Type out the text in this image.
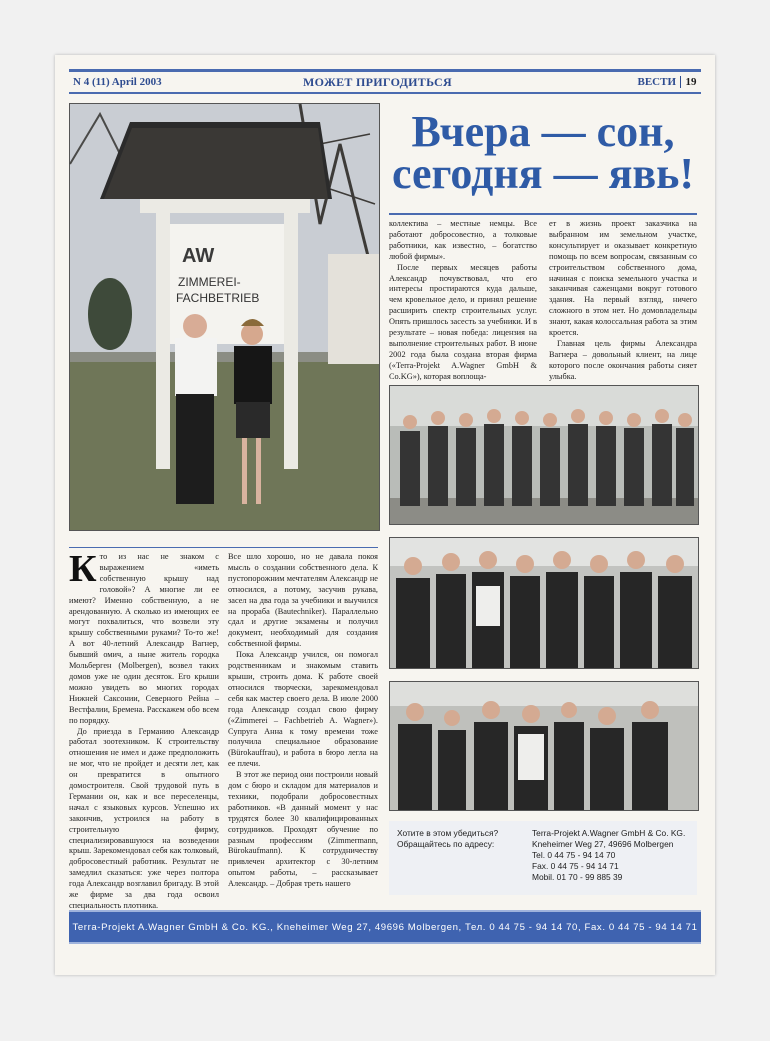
N 4 (11) April 2003	МОЖЕТ ПРИГОДИТЬСЯ	ВЕСТИ 19
AW
ZIMMEREI-
FACHBETRIEB
Вчера — сон,
сегодня — явь!

коллектива – местные немцы. Все работают добросовестно, а толковые работники, как известно, – богатство любой фирмы».

После первых месяцев работы Александр почувствовал, что его интересы простираются куда дальше, чем кровельное дело, и принял решение расширить спектр строительных услуг. Опять пришлось засесть за учебники. И в результате – новая победа: лицензия на выполнение строительных работ. В июне 2002 года была создана вторая фирма («Terra-Projekt A.Wagner GmbH & Co.KG»), которая воплоща-

ет в жизнь проект заказчика на выбранном им земельном участке, консультирует и оказывает конкретную помощь по всем вопросам, связанным со строительством собственного дома, начиная с поиска земельного участка и заканчивая саженцами вокруг готового здания. На первый взгляд, ничего сложного в этом нет. Но домовладельцы знают, какая колоссальная работа за этим кроется.

Главная цель фирмы Александра Вагнера – довольный клиент, на лице которого после окончания работы сияет улыбка.

К то из нас не знаком с выражением «иметь собственную крышу над головой»? А многие ли ее имеют? Именно собственную, а не арендованную. А сколько из имеющих ее могут похвалиться, что возвели эту крышу собственными руками? То-то же! А вот 40-летний Александр Вагнер, бывший омич, а ныне житель городка Мольберген (Molbergen), возвел таких домов уже не один десяток. Его крыши можно увидеть во многих городах Нижней Саксонии, Северного Рейна – Вестфалии, Бремена. Расскажем обо всем по порядку.

До приезда в Германию Александр работал зоотехником. К строительству отношения не имел и даже предположить не мог, что не пройдет и десяти лет, как он превратится в опытного домостроителя. Свой трудовой путь в Германии он, как и все переселенцы, начал с языковых курсов. Успешно их закончив, устроился на работу в строительную фирму, специализировавшуюся на возведении крыш. Зарекомендовал себя как толковый, добросовестный работник. Результат не замедлил сказаться: уже через полтора года Александр возглавил бригаду. В этой же фирме за два года освоил специальность плотника.

Все шло хорошо, но не давала покоя мысль о создании собственного дела. К пустопорожним мечтателям Александр не относился, а потому, засучив рукава, засел на два года за учебники и выучился на прораба (Bautechniker). Параллельно сдал и другие экзамены и получил документ, необходимый для создания собственной фирмы.

Пока Александр учился, он помогал родственникам и знакомым ставить крыши, строить дома. К работе своей относился творчески, зарекомендовал себя как мастер своего дела. В июле 2000 года Александр создал свою фирму («Zimmerei – Fachbetrieb A. Wagner»). Супруга Анна к тому времени тоже получила специальное образование (Bürokauffrau), и работа в бюро легла на ее плечи.

В этот же период они построили новый дом с бюро и складом для материалов и техники, подобрали добросовестных работников. «В данный момент у нас трудятся более 30 квалифицированных сотрудников. Проходят обучение по разным профессиям (Zimmermann, Bürokaufmann). К сотрудничеству привлечен архитектор с 30-летним опытом работы, – рассказывает Александр. – Добрая треть нашего

Хотите в этом убедиться?
Обращайтесь по адресу:
Terra-Projekt A.Wagner GmbH & Co. KG.
Kneheimer Weg 27, 49696 Molbergen
Tel. 0 44 75 - 94 14 70
Fax. 0 44 75 - 94 14 71
Mobil. 01 70 - 99 885 39
Terra-Projekt A.Wagner GmbH & Co. KG., Kneheimer Weg 27, 49696 Molbergen, Тел. 0 44 75 - 94 14 70, Fax. 0 44 75 - 94 14 71
